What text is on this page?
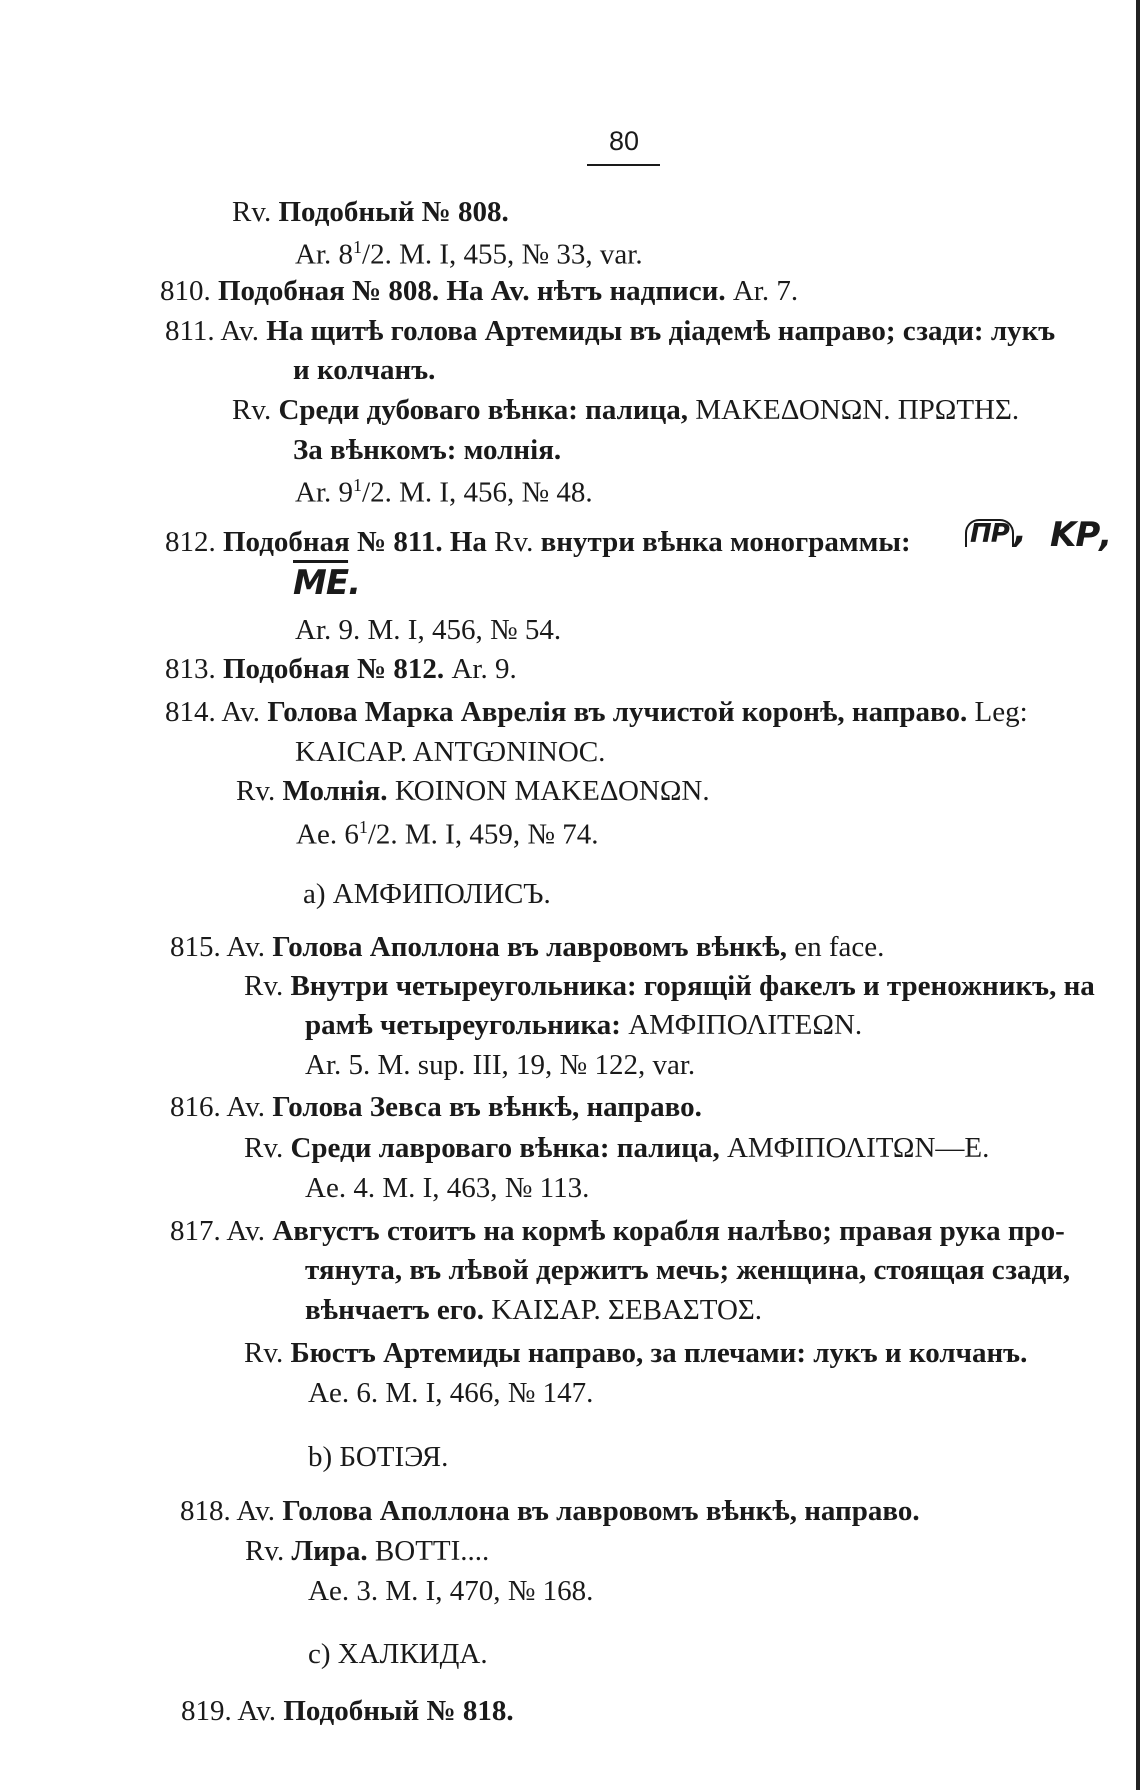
80
Rv. Подобный № 808.
Ar. $8^1/2$. M. I, 455, № 33, var.
810. Подобная № 808. На Av. нѣтъ надписи. Ar. 7.
811. Av. На щитѣ голова Артемиды въ діадемѣ направо; сзади: лукъ
и колчанъ.
Rv. Среди дубоваго вѣнка: палица, ΜΑΚΕΔΟΝΩΝ. ΠΡΩΤΗΣ.
За вѣнкомъ: молнія.
Ar. $9^1/2$. M. I, 456, № 48.
812. Подобная № 811. На Rv. внутри вѣнка монограммы: ΠΡ , ΚΡ,
$\overline{ME}$.
Ar. 9. M. I, 456, № 54.
813. Подобная № 812. Ar. 9.
814. Av. Голова Марка Аврелія въ лучистой коронѣ, направо. Leg:
ΚΑΙϹΑΡ. ΑΝΤѠΝΙΝΟϹ.
Rv. Молнія. ΚΟΙΝΟΝ ΜΑΚΕΔΟΝΩΝ.
Ae. $6^1/2$. M. I, 459, № 74.
a) АМФИПОЛИСЪ.
815. Av. Голова Аполлона въ лавровомъ вѣнкѣ, en face.
Rv. Внутри четыреугольника: горящій факелъ и треножникъ, на
рамѣ четыреугольника: ΑΜΦΙΠΟΛΙΤΕΩΝ.
Ar. 5. M. sup. III, 19, № 122, var.
816. Av. Голова Зевса въ вѣнкѣ, направо.
Rv. Среди лавроваго вѣнка: палица, ΑΜΦΙΠΟΛΙΤΩΝ—Ε.
Ae. 4. M. I, 463, № 113.
817. Av. Августъ стоитъ на кормѣ корабля налѣво; правая рука про-
тянута, въ лѣвой держитъ мечь; женщина, стоящая сзади,
вѣнчаетъ его. ΚΑΙΣΑΡ. ΣΕΒΑΣΤΟΣ.
Rv. Бюстъ Артемиды направо, за плечами: лукъ и колчанъ.
Ae. 6. M. I, 466, № 147.
b) БОТІЭЯ.
818. Av. Голова Аполлона въ лавровомъ вѣнкѣ, направо.
Rv. Лира. ΒΟΤΤΙ....
Ae. 3. M. I, 470, № 168.
c) ХАЛКИДА.
819. Av. Подобный № 818.
